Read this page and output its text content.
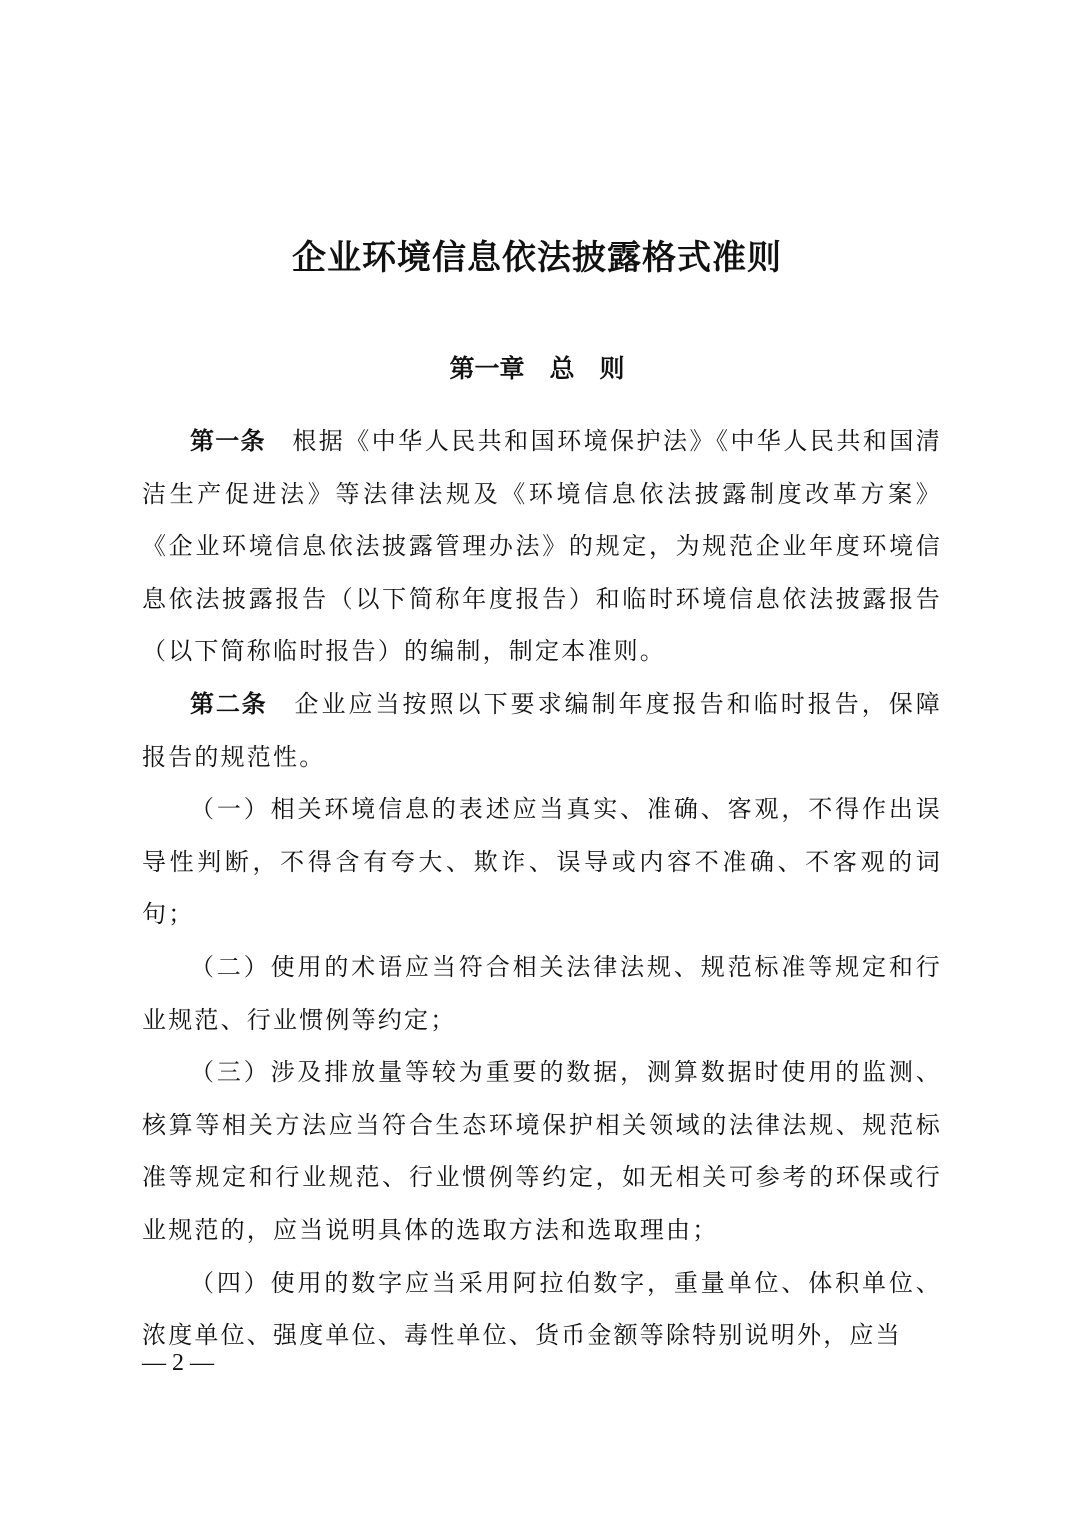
企业环境信息依法披露格式准则
第一章　总　则

第一条　根据《中华人民共和国环境保护法》《中华人民共和国清洁生产促进法》等法律法规及《环境信息依法披露制度改革方案》《企业环境信息依法披露管理办法》的规定，为规范企业年度环境信息依法披露报告（以下简称年度报告）和临时环境信息依法披露报告（以下简称临时报告）的编制，制定本准则。

第二条　企业应当按照以下要求编制年度报告和临时报告，保障报告的规范性。

（一）相关环境信息的表述应当真实、准确、客观，不得作出误导性判断，不得含有夸大、欺诈、误导或内容不准确、不客观的词句；

（二）使用的术语应当符合相关法律法规、规范标准等规定和行业规范、行业惯例等约定；

（三）涉及排放量等较为重要的数据，测算数据时使用的监测、核算等相关方法应当符合生态环境保护相关领域的法律法规、规范标准等规定和行业规范、行业惯例等约定，如无相关可参考的环保或行业规范的，应当说明具体的选取方法和选取理由；

（四）使用的数字应当采用阿拉伯数字，重量单位、体积单位、浓度单位、强度单位、毒性单位、货币金额等除特别说明外，应当

— 2 —
